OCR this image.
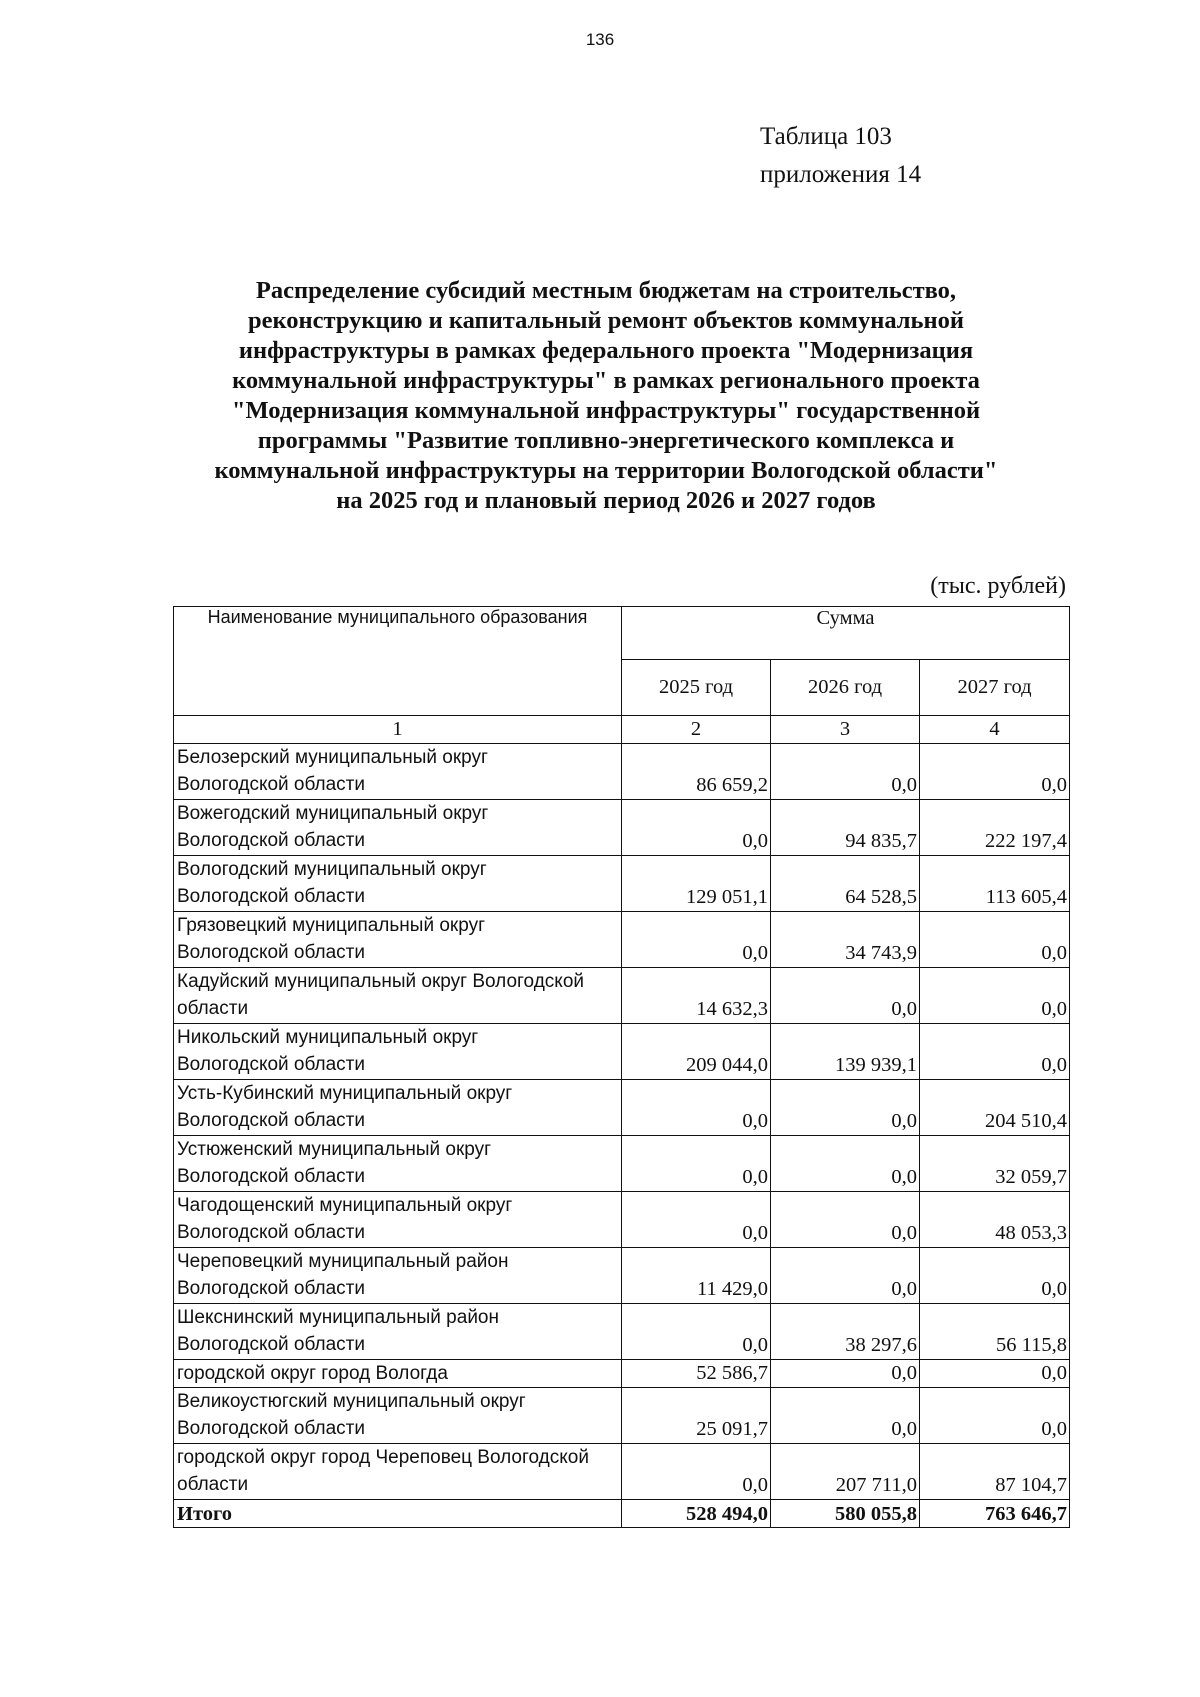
136
Таблица 103
приложения 14
Распределение субсидий местным бюджетам на строительство,
реконструкцию и капитальный ремонт объектов коммунальной
инфраструктуры в рамках федерального проекта "Модернизация
коммунальной инфраструктуры" в рамках регионального проекта
"Модернизация коммунальной инфраструктуры" государственной
программы "Развитие топливно-энергетического комплекса и
коммунальной инфраструктуры на территории Вологодской области"
на 2025 год и плановый период 2026 и 2027 годов
(тыс. рублей)
Наименование муниципального образования	Сумма		
	2025 год	2026 год	2027 год
1	2	3	4

Белозерский муниципальный округ
Вологодской области	86 659,2	0,0	0,0

Вожегодский муниципальный округ
Вологодской области	0,0	94 835,7	222 197,4

Вологодский муниципальный округ
Вологодской области	129 051,1	64 528,5	113 605,4

Грязовецкий муниципальный округ
Вологодской области	0,0	34 743,9	0,0

Кадуйский муниципальный округ Вологодской
области	14 632,3	0,0	0,0

Никольский муниципальный округ
Вологодской области	209 044,0	139 939,1	0,0

Усть-Кубинский муниципальный округ
Вологодской области	0,0	0,0	204 510,4

Устюженский муниципальный округ
Вологодской области	0,0	0,0	32 059,7

Чагодощенский муниципальный округ
Вологодской области	0,0	0,0	48 053,3

Череповецкий муниципальный район
Вологодской области	11 429,0	0,0	0,0

Шекснинский муниципальный район
Вологодской области	0,0	38 297,6	56 115,8

городской округ город Вологда	52 586,7	0,0	0,0

Великоустюгский муниципальный округ
Вологодской области	25 091,7	0,0	0,0

городской округ город Череповец Вологодской
области	0,0	207 711,0	87 104,7
Итого	528 494,0	580 055,8	763 646,7
